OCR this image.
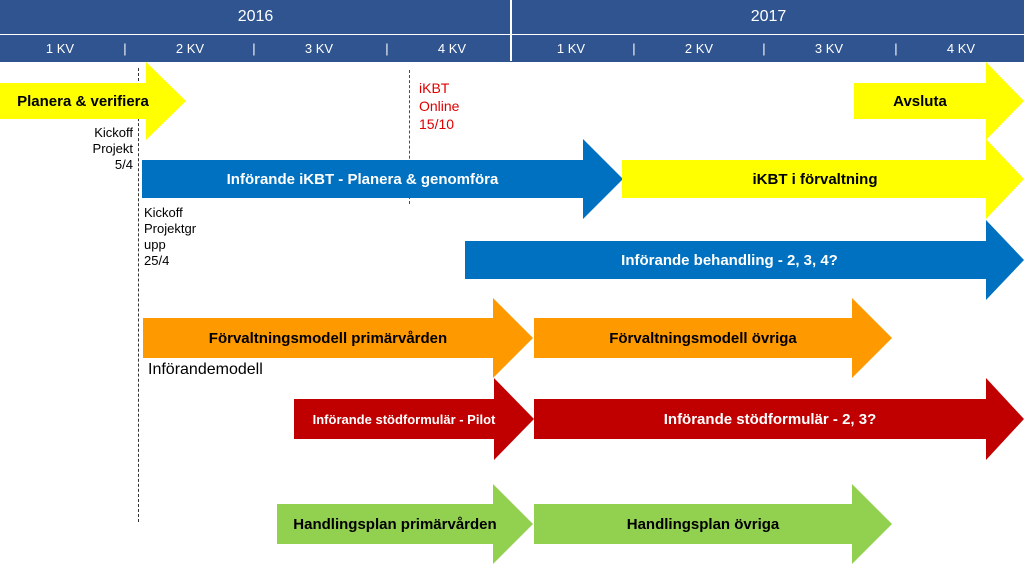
2016	2017
1 KV	|	2 KV	|	3 KV	|	4 KV	1 KV	|	2 KV	|	3 KV	|	4 KV
Planera & verifiera	Avsluta
Införande iKBT - Planera & genomföra	iKBT i förvaltning
Införande behandling - 2, 3, 4?
Förvaltningsmodell primärvården	Förvaltningsmodell övriga
Införande stödformulär - Pilot	Införande stödformulär - 2, 3?
Handlingsplan primärvården	Handlingsplan övriga
Kickoff
Projekt
5/4
Kickoff
Projektgr
upp
25/4
iKBT
Online
15/10
Införandemodell
